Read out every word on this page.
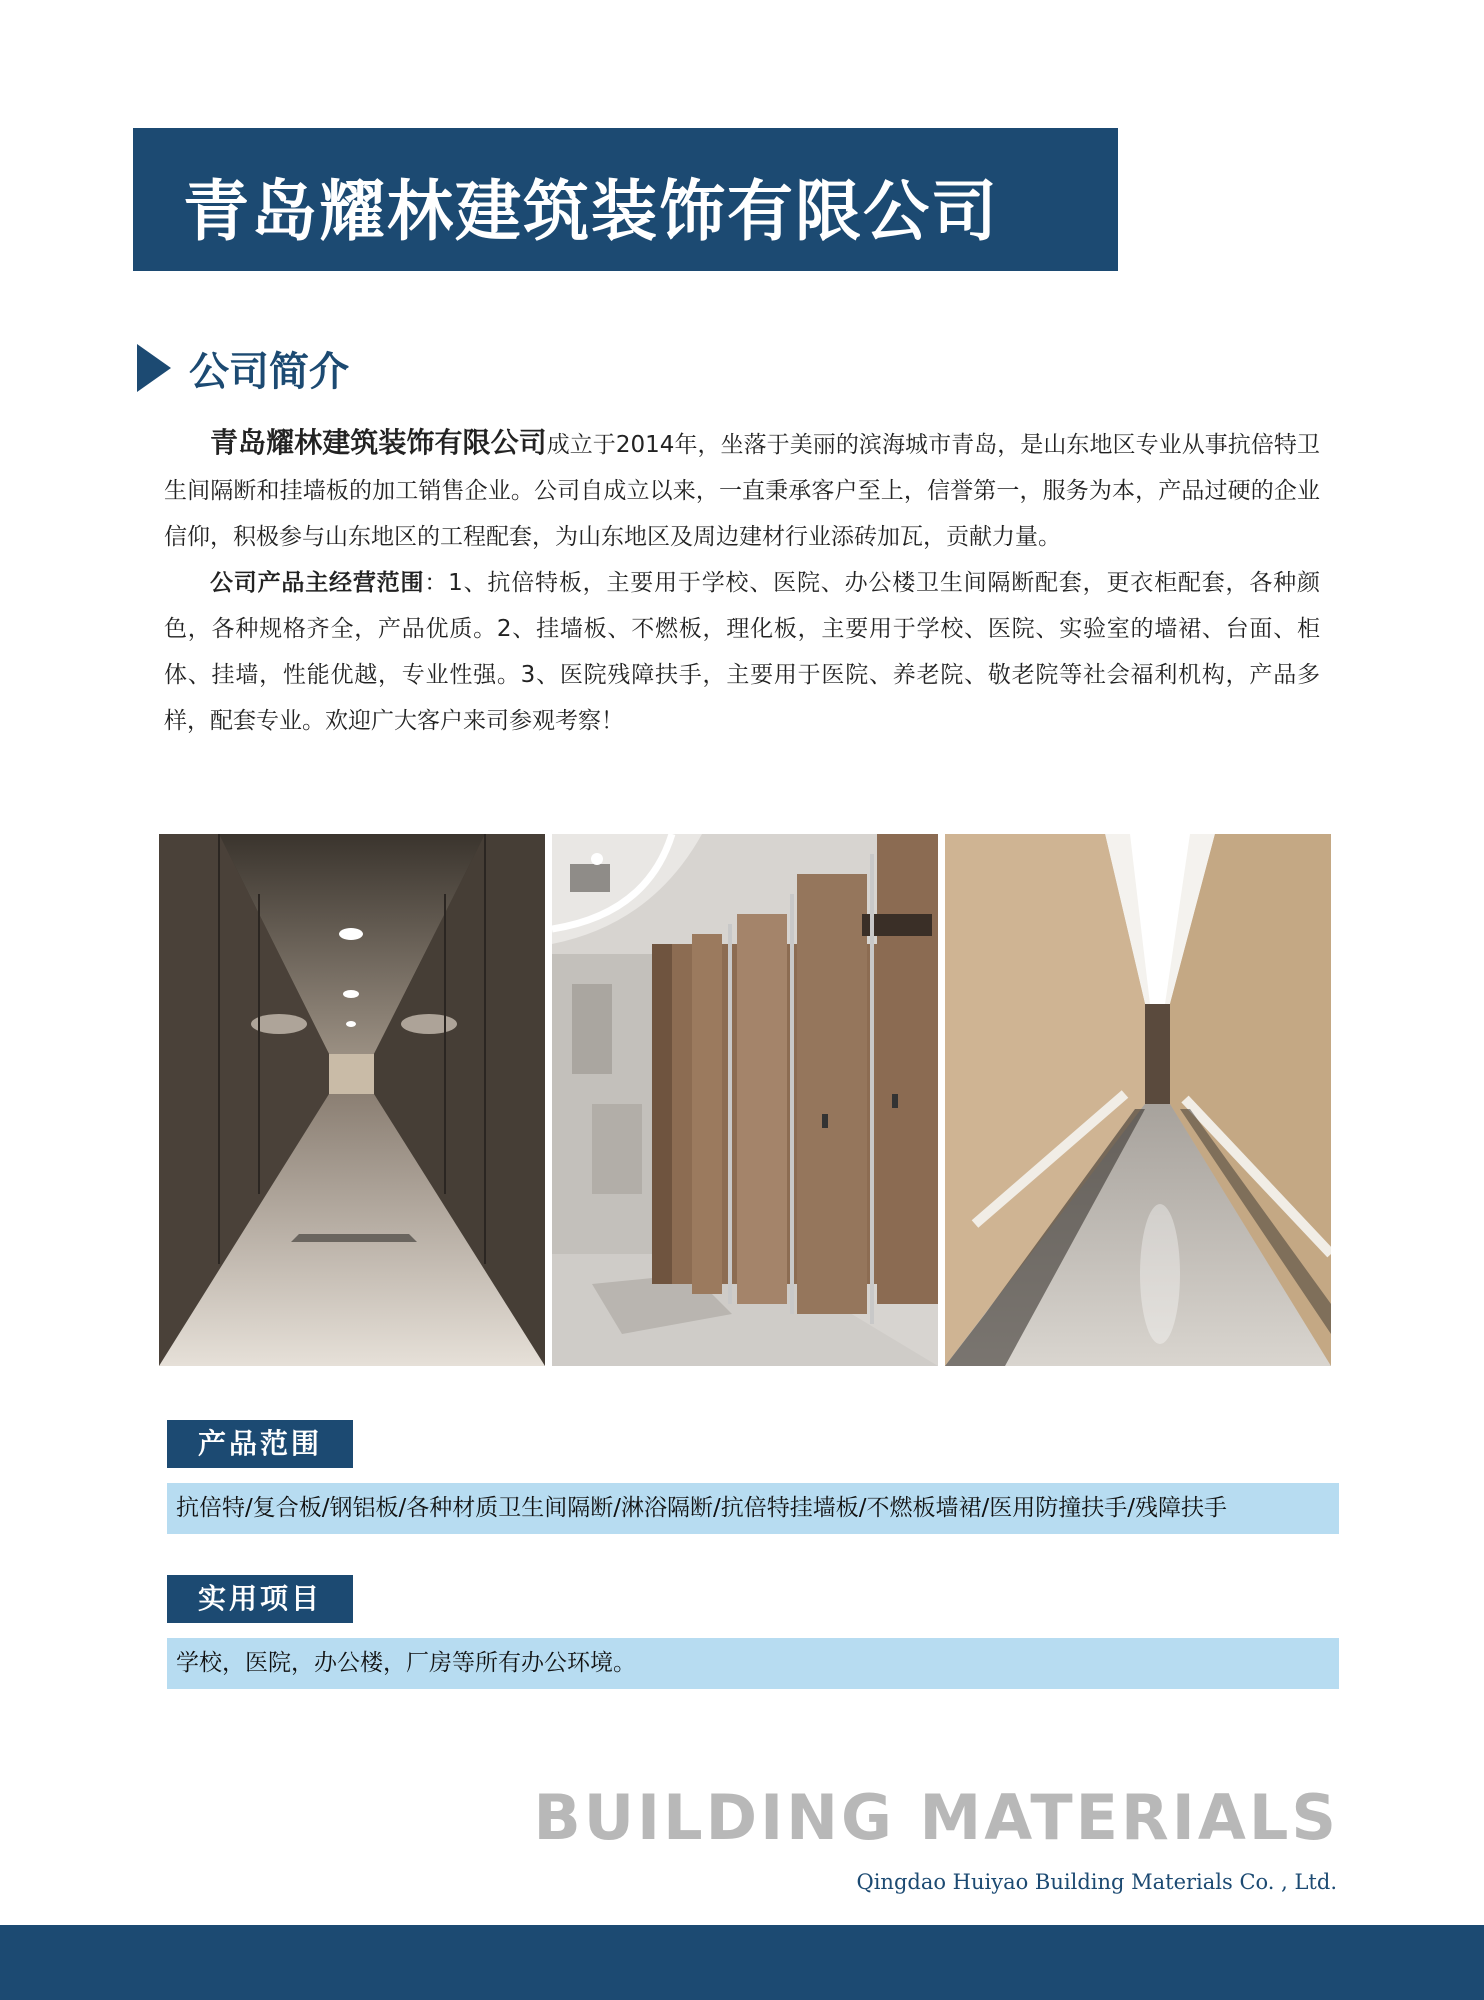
青岛耀林建筑装饰有限公司
公司简介

青岛耀林建筑装饰有限公司成立于2014年，坐落于美丽的滨海城市青岛，是山东地区专业从事抗倍特卫生间隔断和挂墙板的加工销售企业。公司自成立以来，一直秉承客户至上，信誉第一，服务为本，产品过硬的企业信仰，积极参与山东地区的工程配套，为山东地区及周边建材行业添砖加瓦，贡献力量。

公司产品主经营范围：1、抗倍特板，主要用于学校、医院、办公楼卫生间隔断配套，更衣柜配套，各种颜色，各种规格齐全，产品优质。2、挂墙板、不燃板，理化板，主要用于学校、医院、实验室的墙裙、台面、柜体、挂墙，性能优越，专业性强。3、医院残障扶手，主要用于医院、养老院、敬老院等社会福利机构，产品多样，配套专业。欢迎广大客户来司参观考察！

产品范围
抗倍特/复合板/钢铝板/各种材质卫生间隔断/淋浴隔断/抗倍特挂墙板/不燃板墙裙/医用防撞扶手/残障扶手
实用项目
学校，医院，办公楼，厂房等所有办公环境。
BUILDING MATERIALS
Qingdao Huiyao Building Materials Co. , Ltd.
